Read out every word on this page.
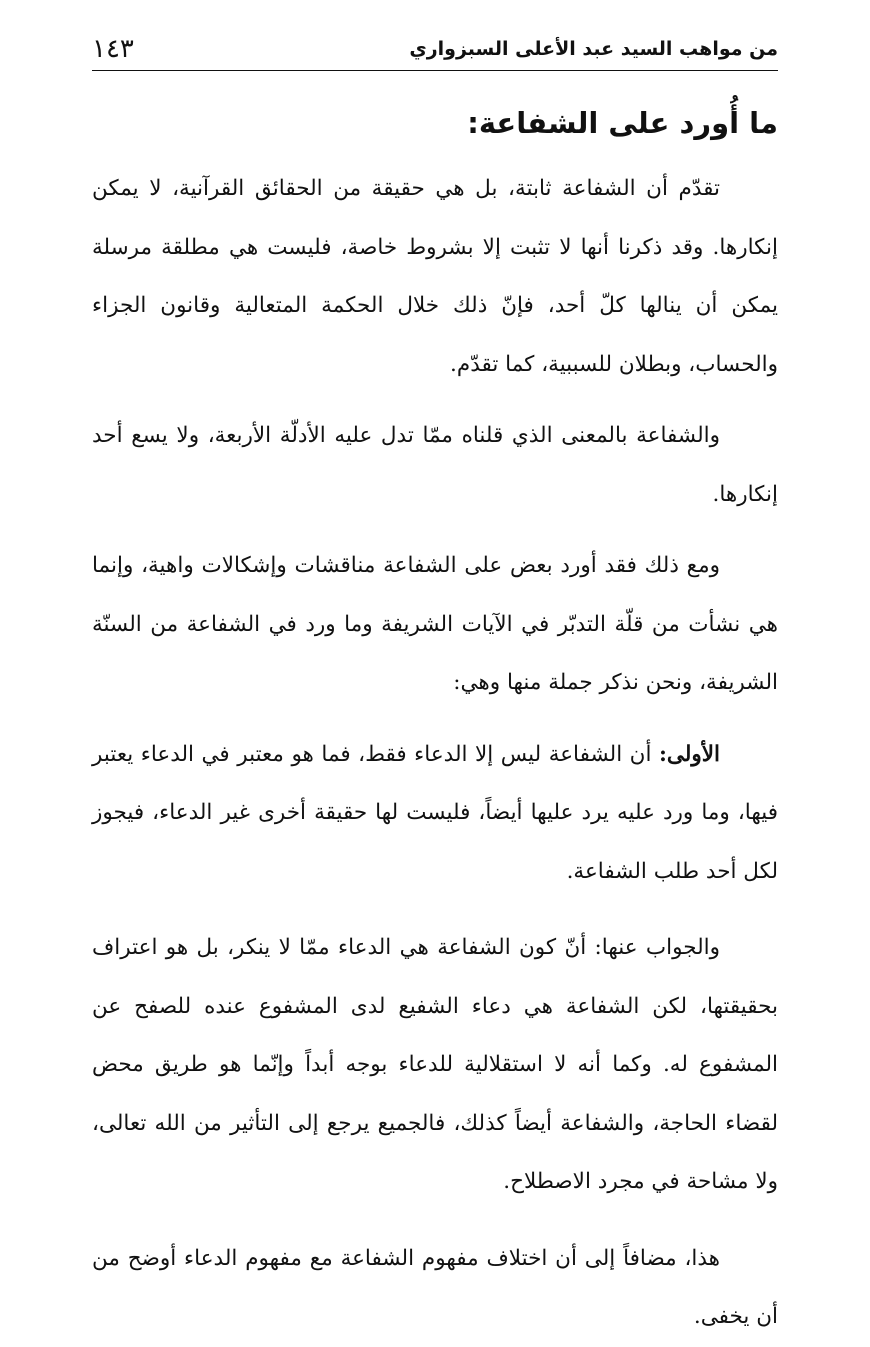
من مواهب السيد عبد الأعلى السبزواري
١٤٣
ما أُورد على الشفاعة:

تقدّم أن الشفاعة ثابتة، بل هي حقيقة من الحقائق القرآنية، لا يمكن إنكارها. وقد ذكرنا أنها لا تثبت إلا بشروط خاصة، فليست هي مطلقة مرسلة يمكن أن ينالها كلّ أحد، فإنّ ذلك خلال الحكمة المتعالية وقانون الجزاء والحساب، وبطلان للسببية، كما تقدّم.

والشفاعة بالمعنى الذي قلناه ممّا تدل عليه الأدلّة الأربعة، ولا يسع أحد إنكارها.

ومع ذلك فقد أورد بعض على الشفاعة مناقشات وإشكالات واهية، وإنما هي نشأت من قلّة التدبّر في الآيات الشريفة وما ورد في الشفاعة من السنّة الشريفة، ونحن نذكر جملة منها وهي:

الأولى: أن الشفاعة ليس إلا الدعاء فقط، فما هو معتبر في الدعاء يعتبر فيها، وما ورد عليه يرد عليها أيضاً، فليست لها حقيقة أخرى غير الدعاء، فيجوز لكل أحد طلب الشفاعة.

والجواب عنها: أنّ كون الشفاعة هي الدعاء ممّا لا ينكر، بل هو اعتراف بحقيقتها، لكن الشفاعة هي دعاء الشفيع لدى المشفوع عنده للصفح عن المشفوع له. وكما أنه لا استقلالية للدعاء بوجه أبداً وإنّما هو طريق محض لقضاء الحاجة، والشفاعة أيضاً كذلك، فالجميع يرجع إلى التأثير من الله تعالى، ولا مشاحة في مجرد الاصطلاح.

هذا، مضافاً إلى أن اختلاف مفهوم الشفاعة مع مفهوم الدعاء أوضح من أن يخفى.
